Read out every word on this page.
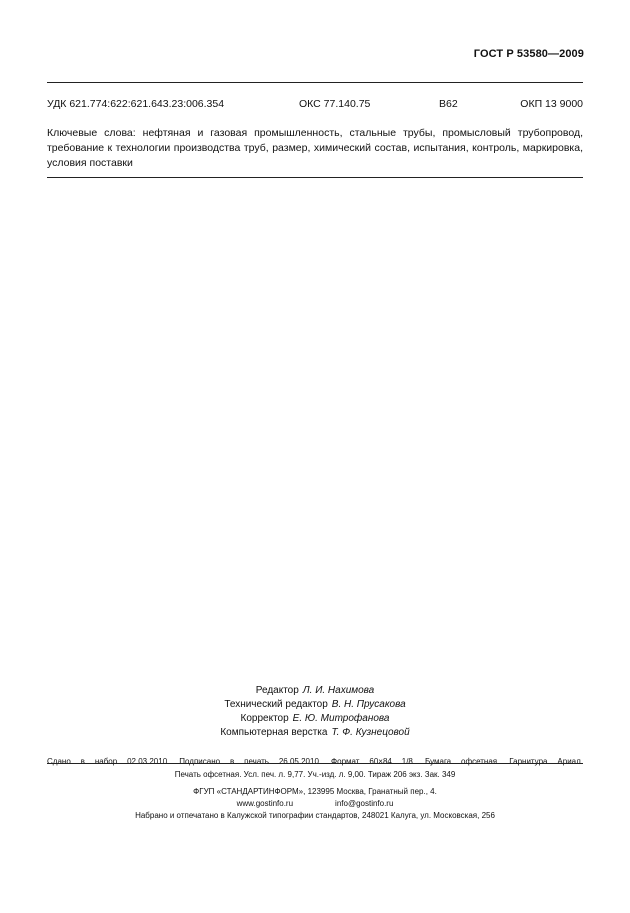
ГОСТ Р 53580—2009
УДК 621.774:622:621.643.23:006.354	ОКС 77.140.75	В62	ОКП 13 9000

Ключевые слова: нефтяная и газовая промышленность, стальные трубы, промысловый трубопровод, требование к технологии производства труб, размер, химический состав, испытания, контроль, маркировка, условия поставки

Редактор Л. И. Нахимова
Технический редактор В. Н. Прусакова
Корректор Е. Ю. Митрофанова
Компьютерная верстка Т. Ф. Кузнецовой
Сдано в набор 02.03.2010. Подписано в печать 26.05.2010. Формат 60×84 1/8. Бумага офсетная. Гарнитура Ариал.
Печать офсетная. Усл. печ. л. 9,77. Уч.-изд. л. 9,00. Тираж 206 экз. Зак. 349
ФГУП «СТАНДАРТИНФОРМ», 123995 Москва, Гранатный пер., 4.
www.gostinfo.ru	info@gostinfo.ru
Набрано и отпечатано в Калужской типографии стандартов, 248021 Калуга, ул. Московская, 256
